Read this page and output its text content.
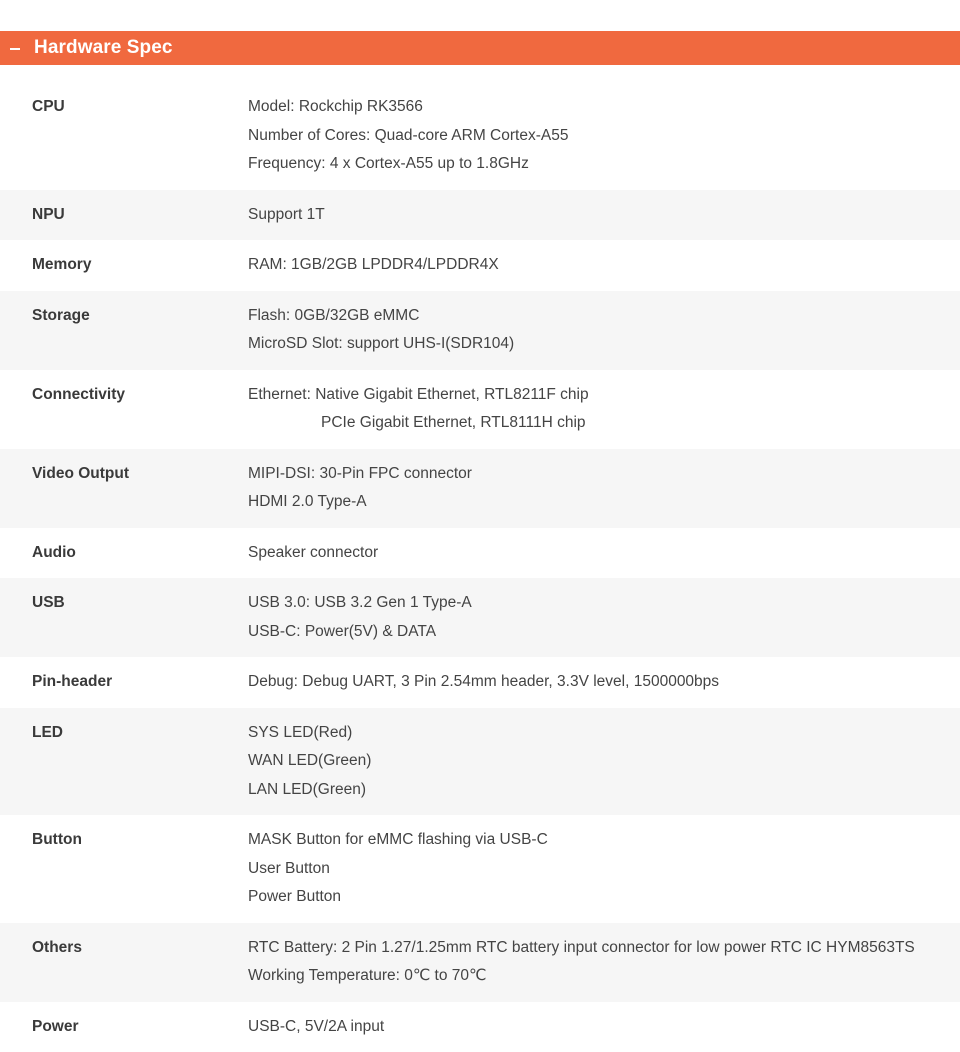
Hardware Spec
CPU	Model: Rockchip RK3566
Number of Cores: Quad-core ARM Cortex-A55
Frequency: 4 x Cortex-A55 up to 1.8GHz
NPU	Support 1T
Memory	RAM: 1GB/2GB LPDDR4/LPDDR4X
Storage	Flash: 0GB/32GB eMMC
MicroSD Slot: support UHS-I(SDR104)
Connectivity	Ethernet: Native Gigabit Ethernet, RTL8211F chip
PCIe Gigabit Ethernet, RTL8111H chip
Video Output	MIPI-DSI: 30-Pin FPC connector
HDMI 2.0 Type-A
Audio	Speaker connector
USB	USB 3.0: USB 3.2 Gen 1 Type-A
USB-C: Power(5V) & DATA
Pin-header	Debug: Debug UART, 3 Pin 2.54mm header, 3.3V level, 1500000bps
LED	SYS LED(Red)
WAN LED(Green)
LAN LED(Green)
Button	MASK Button for eMMC flashing via USB-C
User Button
Power Button
Others	RTC Battery: 2 Pin 1.27/1.25mm RTC battery input connector for low power RTC IC HYM8563TS
Working Temperature: 0℃ to 70℃
Power	USB-C, 5V/2A input
